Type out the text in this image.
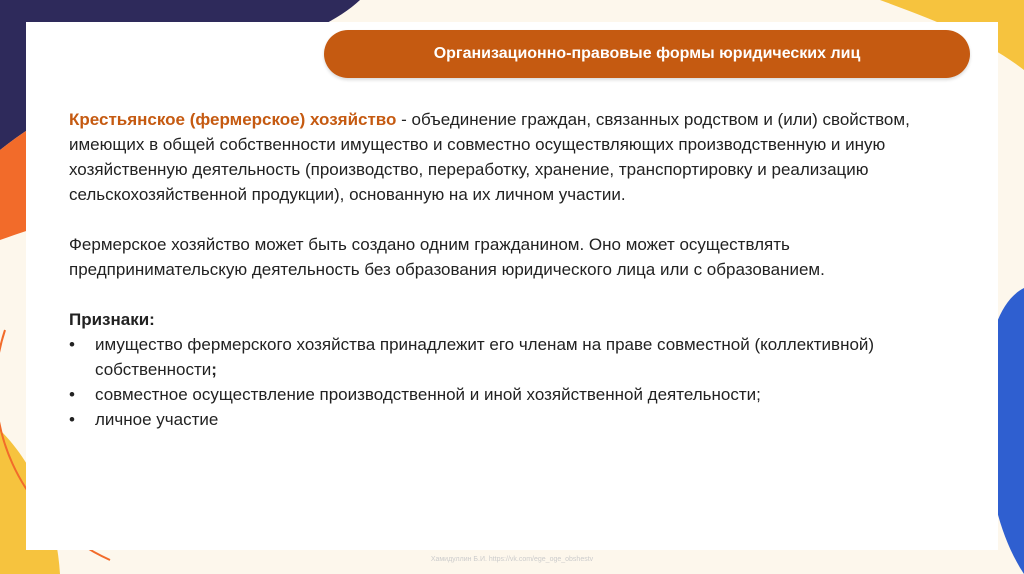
Организационно-правовые формы юридических лиц

Крестьянское (фермерское) хозяйство - объединение граждан, связанных родством и (или) свойством, имеющих в общей собственности имущество и совместно осуществляющих производственную и иную хозяйственную деятельность (производство, переработку, хранение, транспортировку и реализацию сельскохозяйственной продукции), основанную на их личном участии.

Фермерское хозяйство может быть создано одним гражданином. Оно может осуществлять предпринимательскую деятельность без образования юридического лица или с образованием.

Признаки:

•	имущество фермерского хозяйства принадлежит его членам на праве совместной (коллективной) собственности;
•	совместное осуществление производственной и иной хозяйственной деятельности;
•	личное участие
Хамидуллин Б.И. https://vk.com/ege_oge_obshestv
